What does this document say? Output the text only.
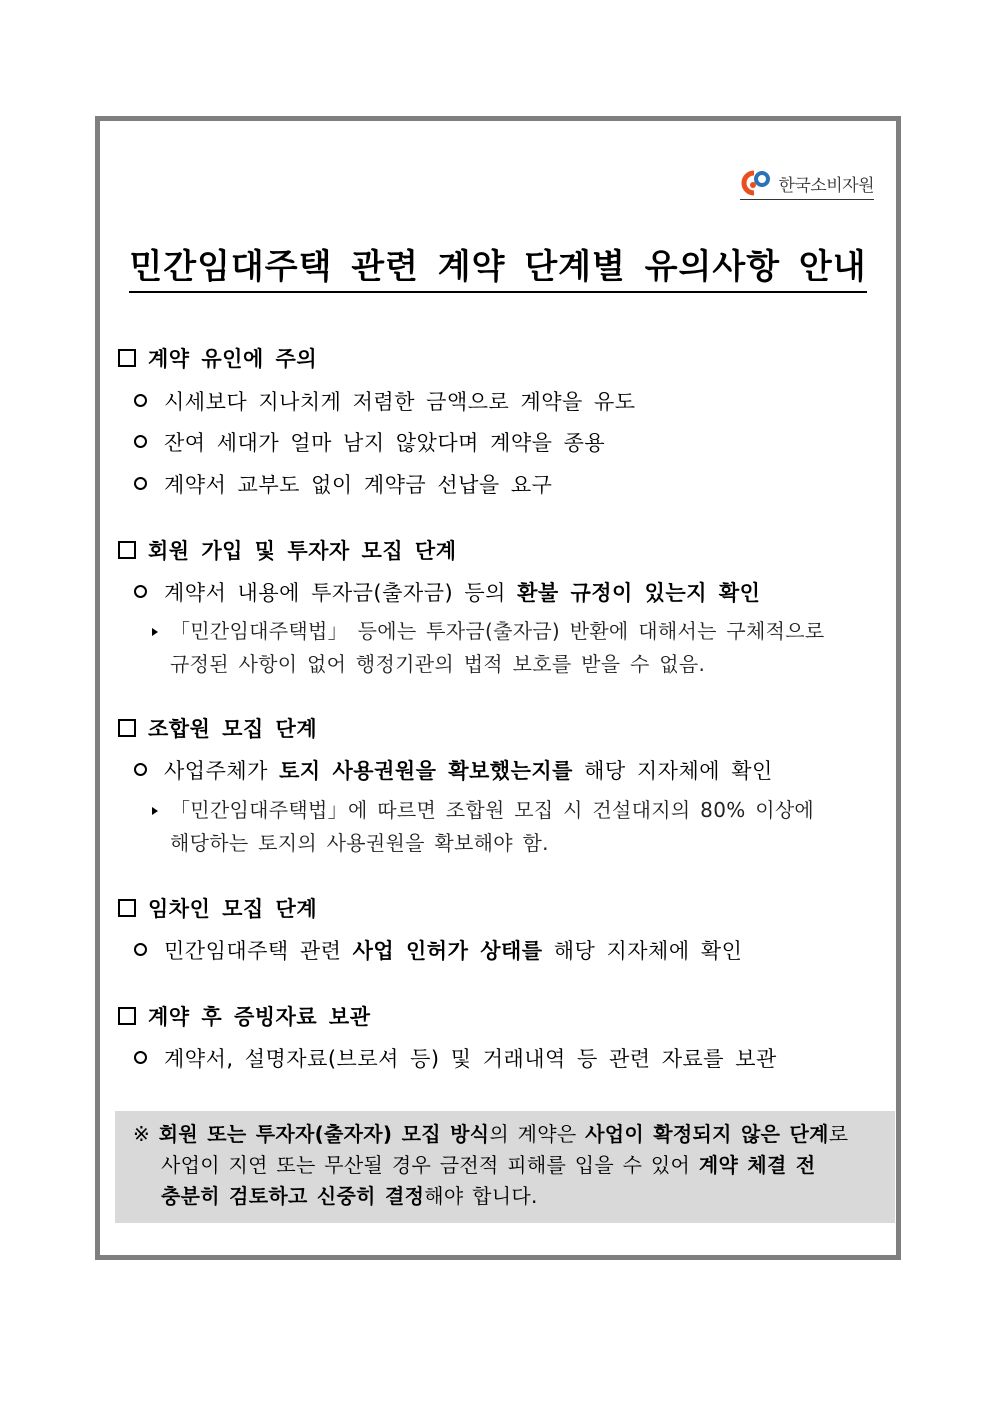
한국소비자원
민간임대주택 관련 계약 단계별 유의사항 안내
계약 유인에 주의
시세보다 지나치게 저렴한 금액으로 계약을 유도
잔여 세대가 얼마 남지 않았다며 계약을 종용
계약서 교부도 없이 계약금 선납을 요구
회원 가입 및 투자자 모집 단계
계약서 내용에 투자금(출자금) 등의 환불 규정이 있는지 확인
「민간임대주택법」 등에는 투자금(출자금) 반환에 대해서는 구체적으로
규정된 사항이 없어 행정기관의 법적 보호를 받을 수 없음.
조합원 모집 단계
사업주체가 토지 사용권원을 확보했는지를 해당 지자체에 확인
「민간임대주택법」에 따르면 조합원 모집 시 건설대지의 80% 이상에
해당하는 토지의 사용권원을 확보해야 함.
임차인 모집 단계
민간임대주택 관련 사업 인허가 상태를 해당 지자체에 확인
계약 후 증빙자료 보관
계약서, 설명자료(브로셔 등) 및 거래내역 등 관련 자료를 보관
※ 회원 또는 투자자(출자자) 모집 방식의 계약은 사업이 확정되지 않은 단계로
사업이 지연 또는 무산될 경우 금전적 피해를 입을 수 있어 계약 체결 전
충분히 검토하고 신중히 결정해야 합니다.
